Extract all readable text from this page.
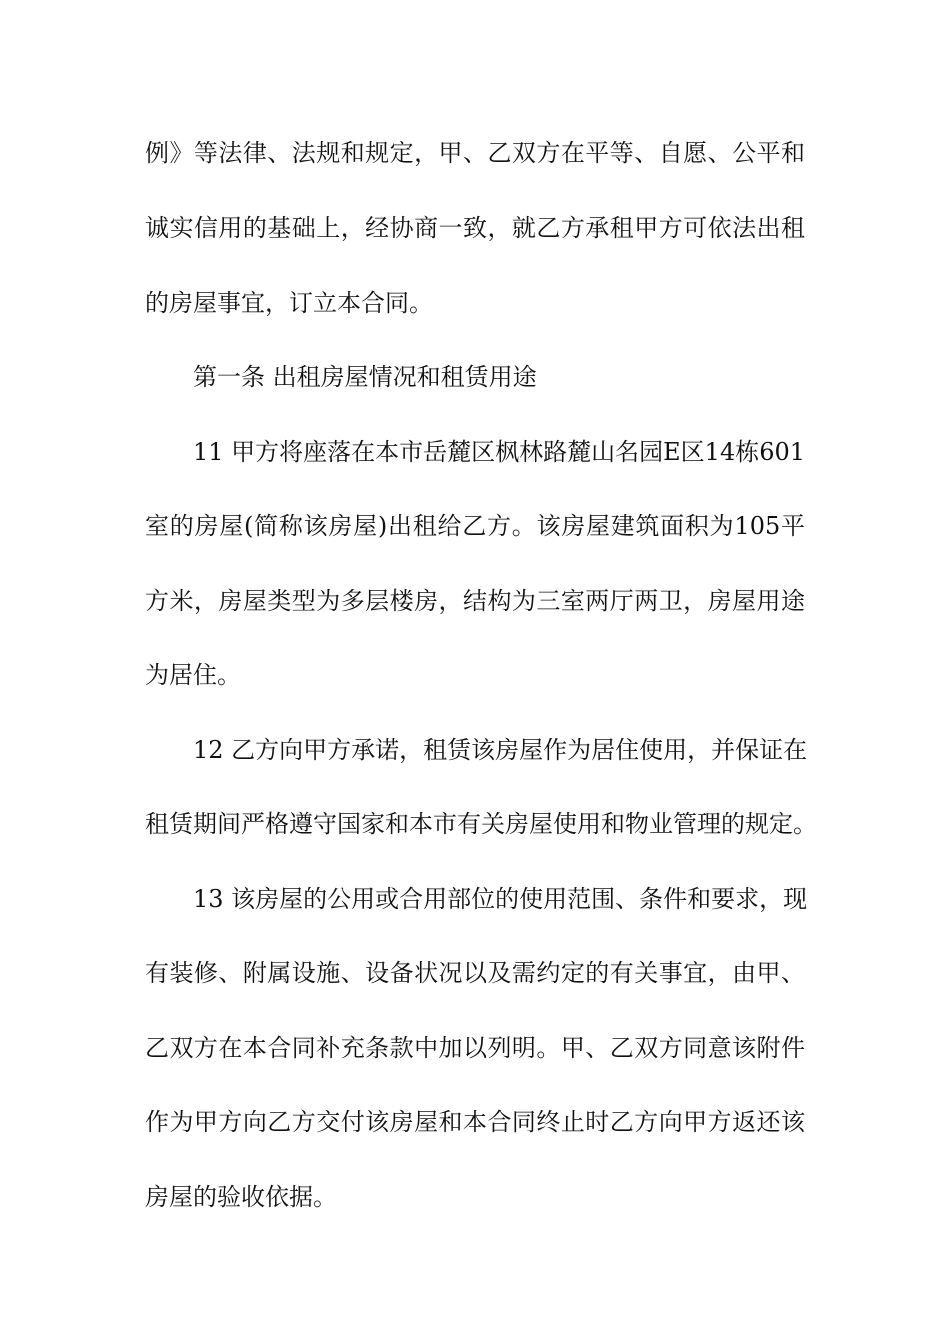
例》等法律、法规和规定，甲、乙双方在平等、自愿、公平和
诚实信用的基础上，经协商一致，就乙方承租甲方可依法出租
的房屋事宜，订立本合同。
第一条 出租房屋情况和租赁用途
11 甲方将座落在本市岳麓区枫林路麓山名园E区14栋601
室的房屋(简称该房屋)出租给乙方。该房屋建筑面积为105平
方米，房屋类型为多层楼房，结构为三室两厅两卫，房屋用途
为居住。
12 乙方向甲方承诺，租赁该房屋作为居住使用，并保证在
租赁期间严格遵守国家和本市有关房屋使用和物业管理的规定。
13 该房屋的公用或合用部位的使用范围、条件和要求，现
有装修、附属设施、设备状况以及需约定的有关事宜，由甲、
乙双方在本合同补充条款中加以列明。甲、乙双方同意该附件
作为甲方向乙方交付该房屋和本合同终止时乙方向甲方返还该
房屋的验收依据。
